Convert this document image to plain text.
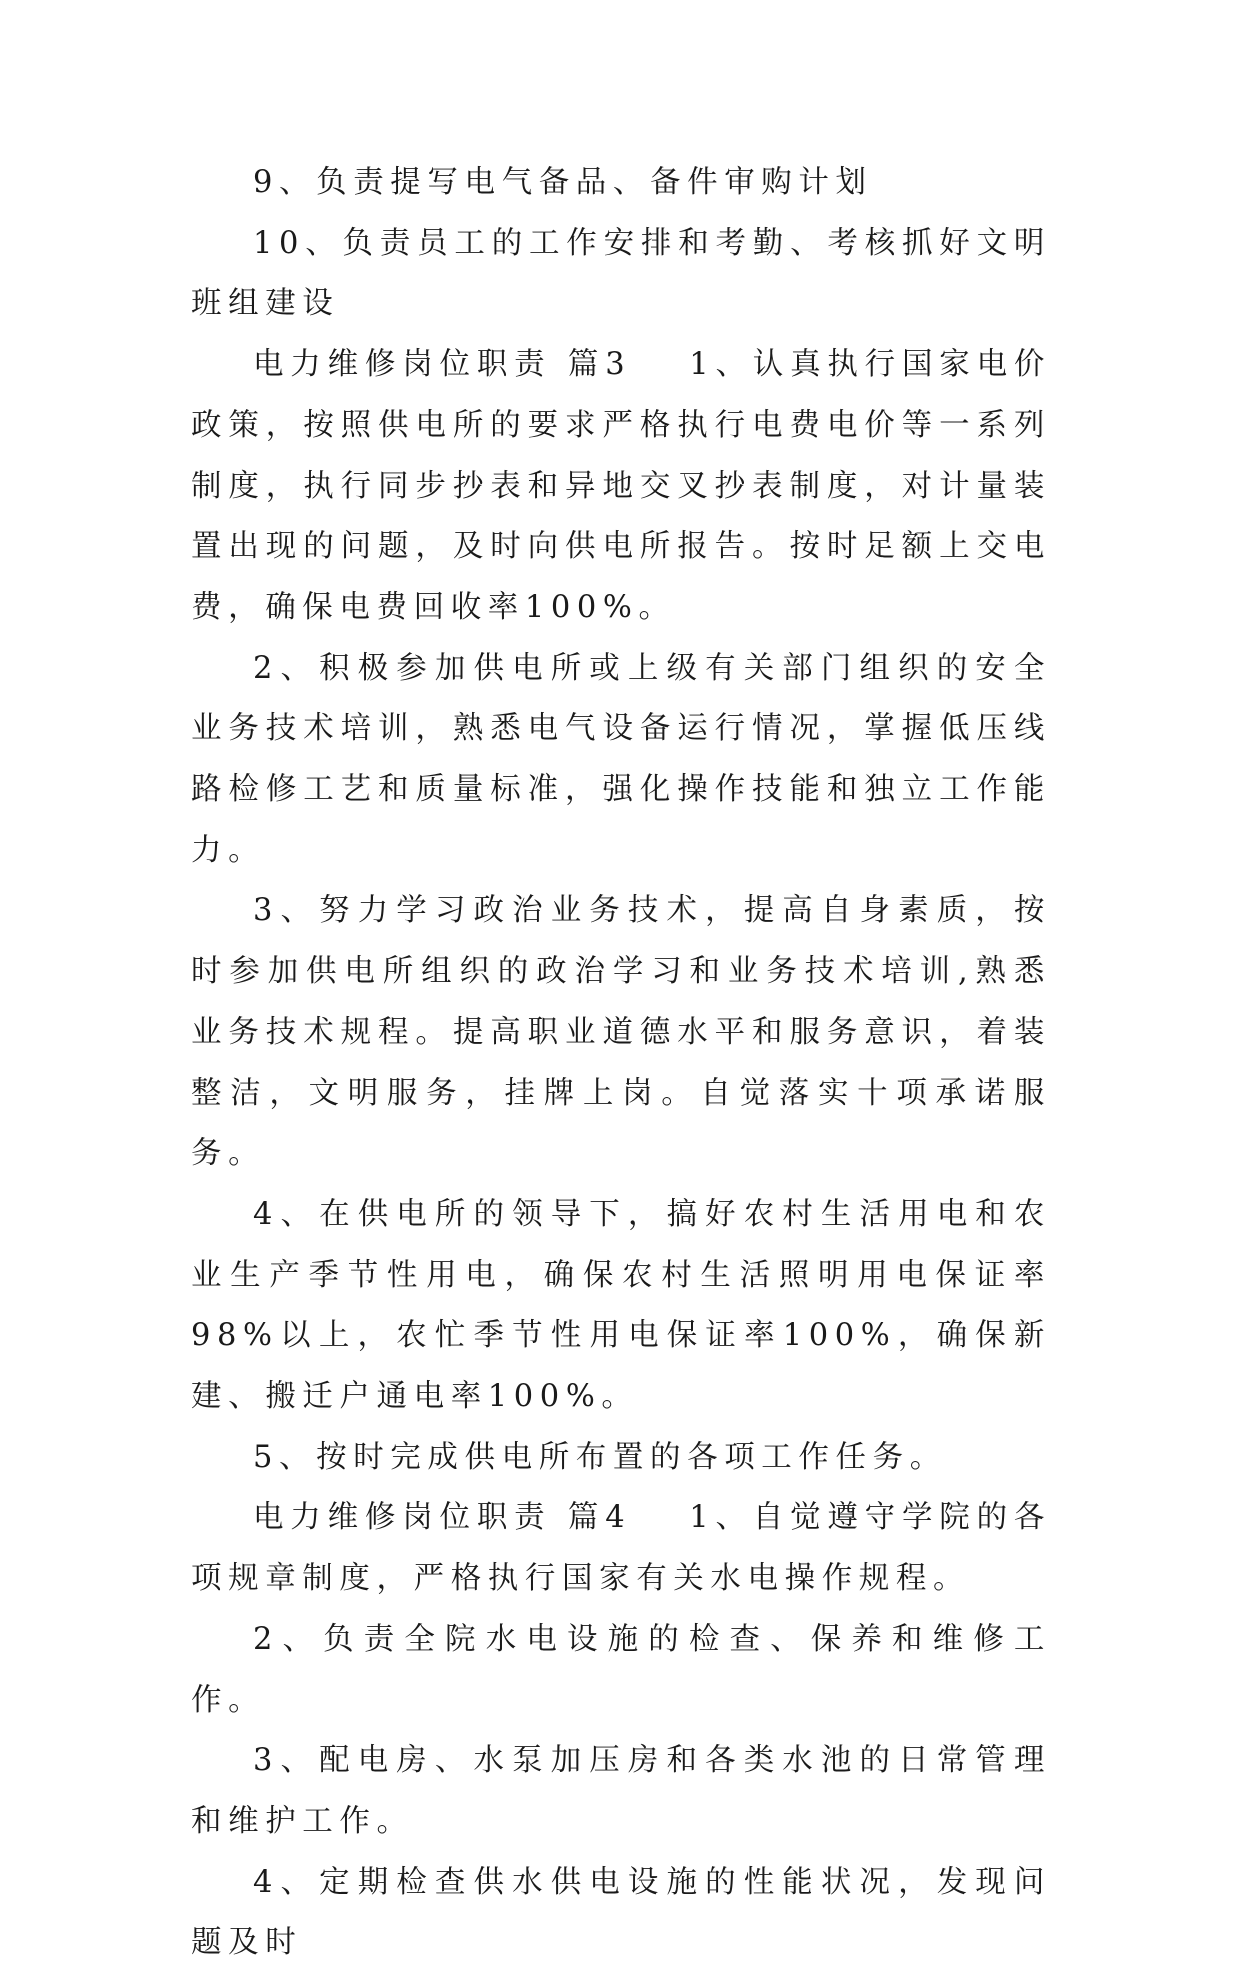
9、负责提写电气备品、备件审购计划

10、负责员工的工作安排和考勤、考核抓好文明班组建设

电力维修岗位职责 篇3 1、认真执行国家电价政策，按照供电所的要求严格执行电费电价等一系列制度，执行同步抄表和异地交叉抄表制度，对计量装置出现的问题，及时向供电所报告。按时足额上交电费，确保电费回收率100%。

2、积极参加供电所或上级有关部门组织的安全业务技术培训，熟悉电气设备运行情况，掌握低压线路检修工艺和质量标准，强化操作技能和独立工作能力。

3、努力学习政治业务技术，提高自身素质，按时参加供电所组织的政治学习和业务技术培训,熟悉业务技术规程。提高职业道德水平和服务意识，着装整洁，文明服务，挂牌上岗。自觉落实十项承诺服务。

4、在供电所的领导下，搞好农村生活用电和农业生产季节性用电，确保农村生活照明用电保证率98%以上，农忙季节性用电保证率100%，确保新建、搬迁户通电率100%。

5、按时完成供电所布置的各项工作任务。

电力维修岗位职责 篇4 1、自觉遵守学院的各项规章制度，严格执行国家有关水电操作规程。

2、负责全院水电设施的检查、保养和维修工作。

3、配电房、水泵加压房和各类水池的日常管理和维护工作。

4、定期检查供水供电设施的性能状况，发现问题及时
